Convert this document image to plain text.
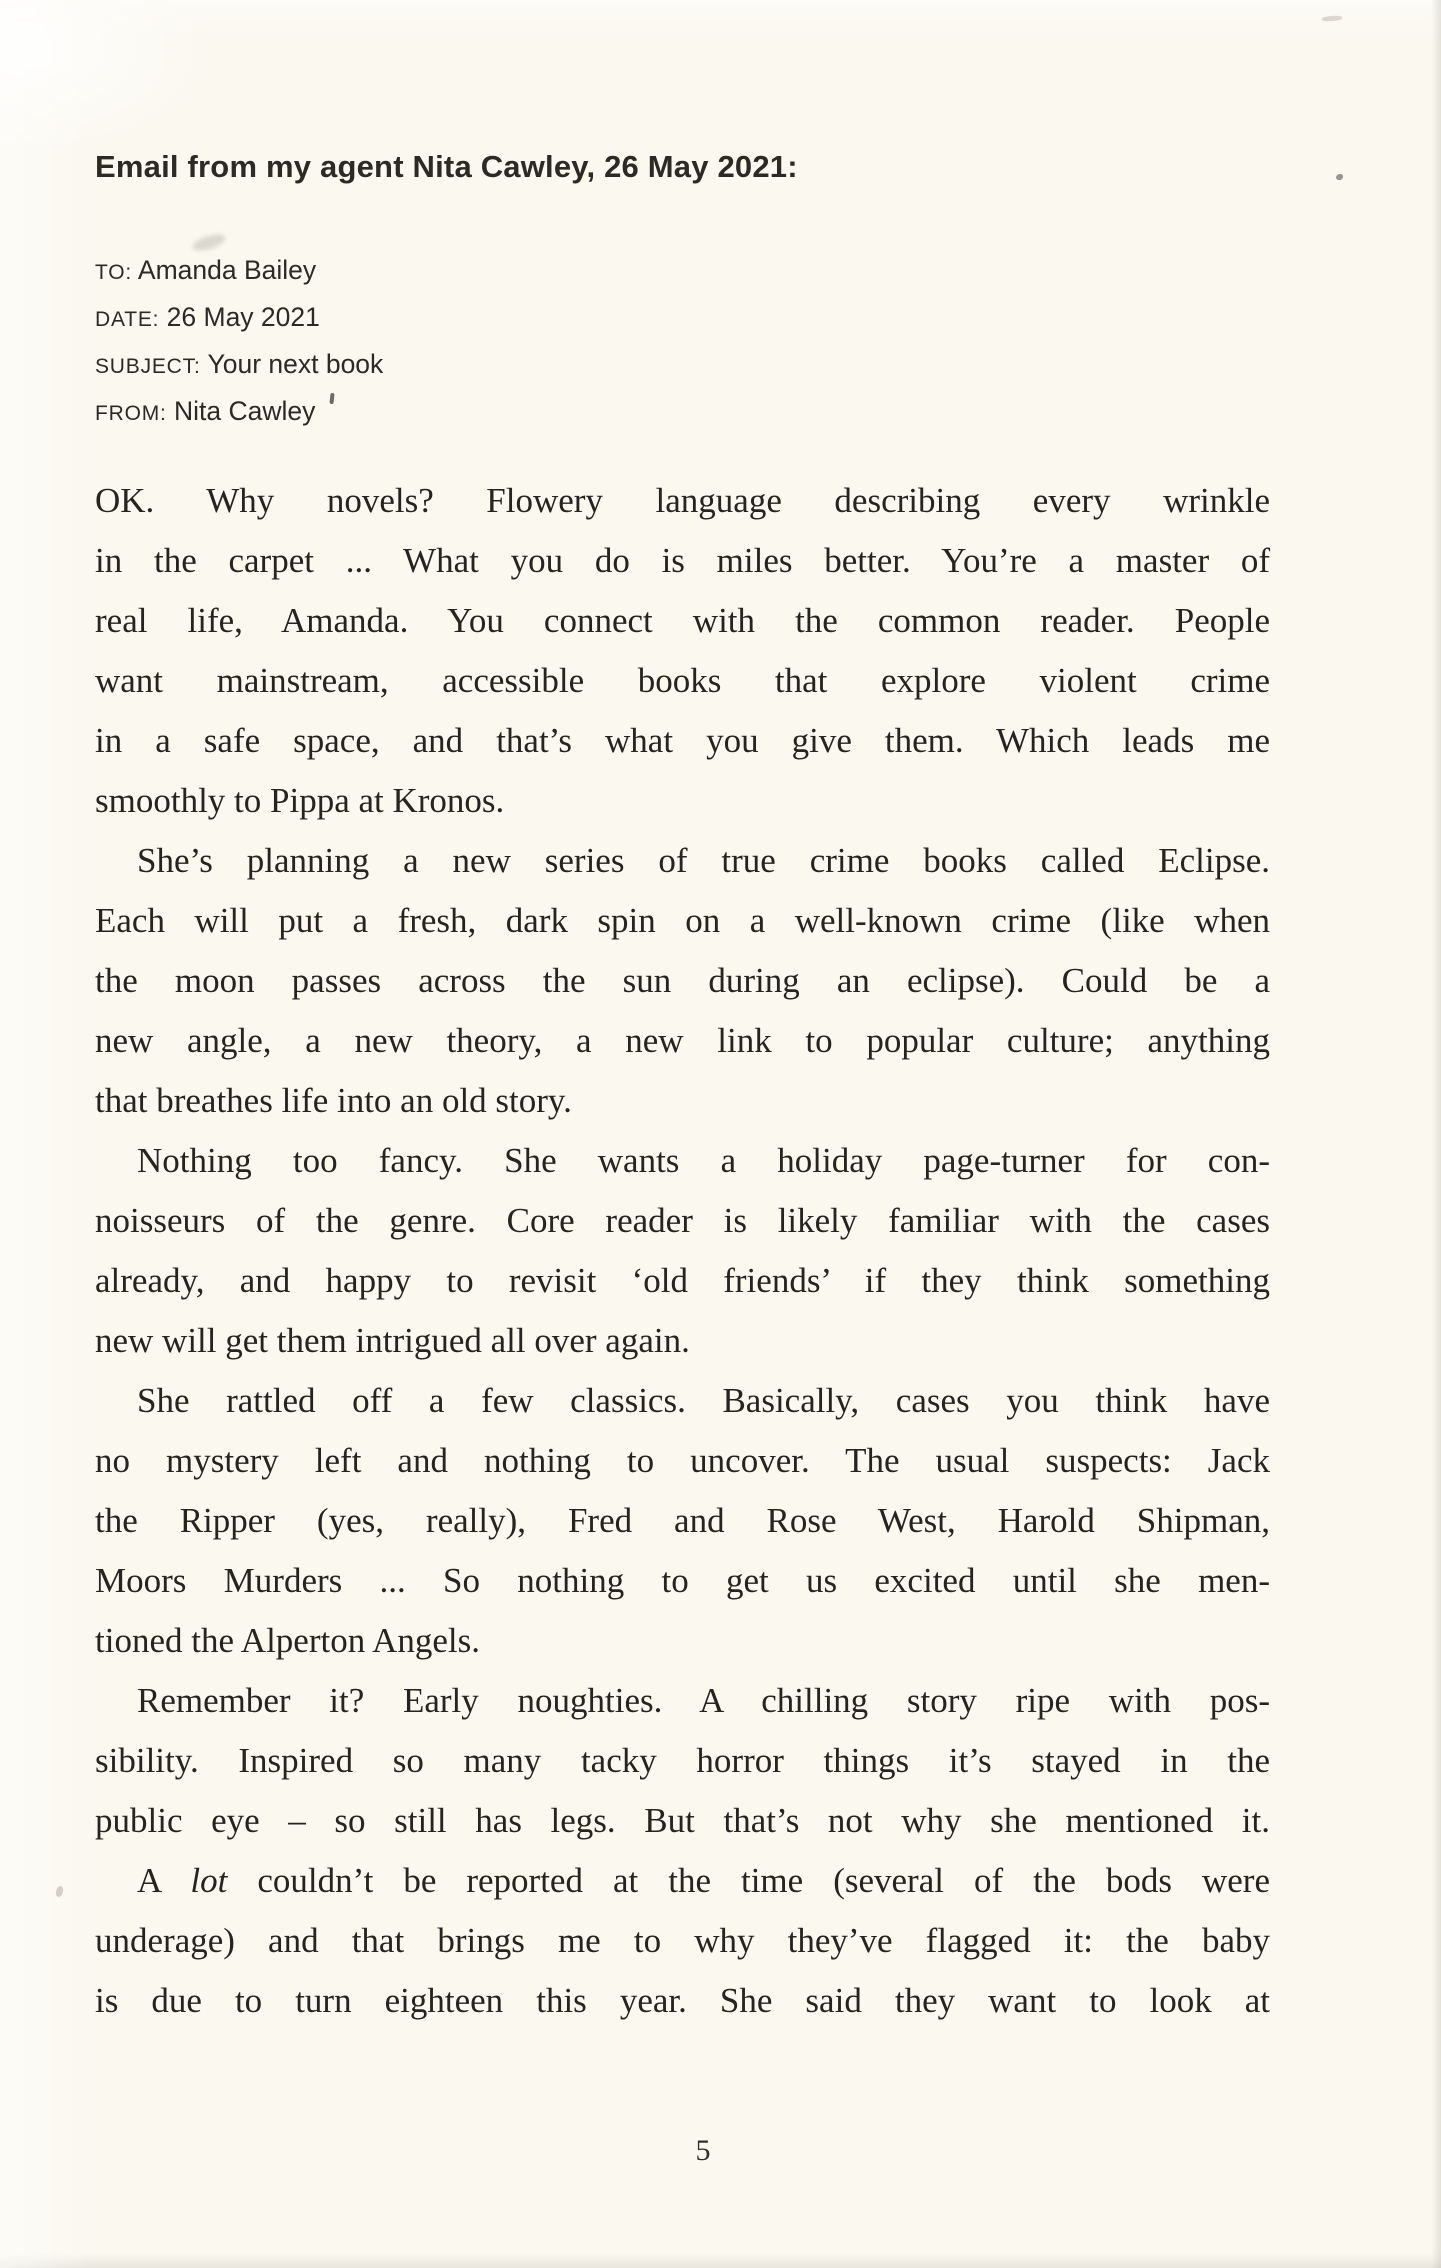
Email from my agent Nita Cawley, 26 May 2021:
TO: Amanda Bailey
DATE: 26 May 2021
SUBJECT: Your next book
FROM: Nita Cawley
OK. Why novels? Flowery language describing every wrinkle
in the carpet ... What you do is miles better. You’re a master of
real life, Amanda. You connect with the common reader. People
want mainstream, accessible books that explore violent crime
in a safe space, and that’s what you give them. Which leads me
smoothly to Pippa at Kronos.
She’s planning a new series of true crime books called Eclipse.
Each will put a fresh, dark spin on a well-known crime (like when
the moon passes across the sun during an eclipse). Could be a
new angle, a new theory, a new link to popular culture; anything
that breathes life into an old story.
Nothing too fancy. She wants a holiday page-turner for con-
noisseurs of the genre. Core reader is likely familiar with the cases
already, and happy to revisit ‘old friends’ if they think something
new will get them intrigued all over again.
She rattled off a few classics. Basically, cases you think have
no mystery left and nothing to uncover. The usual suspects: Jack
the Ripper (yes, really), Fred and Rose West, Harold Shipman,
Moors Murders ... So nothing to get us excited until she men-
tioned the Alperton Angels.
Remember it? Early noughties. A chilling story ripe with pos-
sibility. Inspired so many tacky horror things it’s stayed in the
public eye – so still has legs. But that’s not why she mentioned it.
A lot couldn’t be reported at the time (several of the bods were
underage) and that brings me to why they’ve flagged it: the baby
is due to turn eighteen this year. She said they want to look at
5
